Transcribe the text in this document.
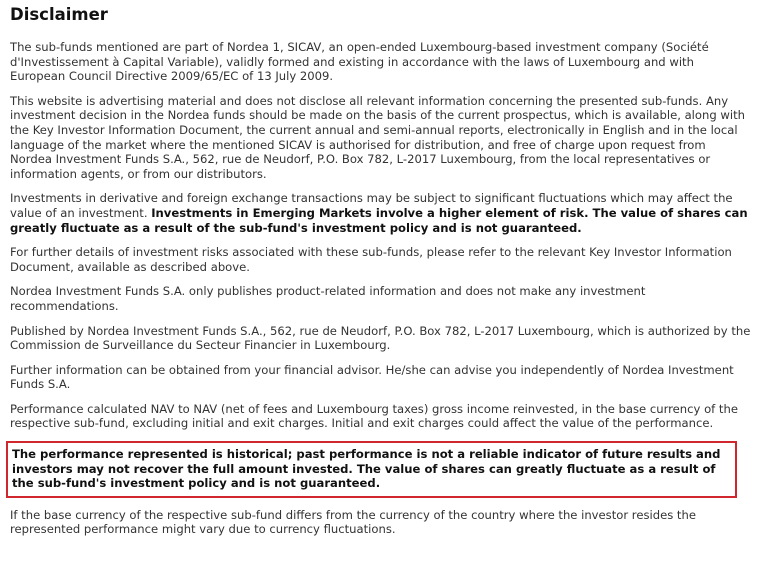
Disclaimer

The sub-funds mentioned are part of Nordea 1, SICAV, an open-ended Luxembourg-based investment company (Société d'Investissement à Capital Variable), validly formed and existing in accordance with the laws of Luxembourg and with European Council Directive 2009/65/EC of 13 July 2009.

This website is advertising material and does not disclose all relevant information concerning the presented sub-funds. Any investment decision in the Nordea funds should be made on the basis of the current prospectus, which is available, along with the Key Investor Information Document, the current annual and semi-annual reports, electronically in English and in the local language of the market where the mentioned SICAV is authorised for distribution, and free of charge upon request from Nordea Investment Funds S.A., 562, rue de Neudorf, P.O. Box 782, L-2017 Luxembourg, from the local representatives or information agents, or from our distributors.

Investments in derivative and foreign exchange transactions may be subject to significant fluctuations which may affect the value of an investment. Investments in Emerging Markets involve a higher element of risk. The value of shares can greatly fluctuate as a result of the sub-fund's investment policy and is not guaranteed.

For further details of investment risks associated with these sub-funds, please refer to the relevant Key Investor Information Document, available as described above.

Nordea Investment Funds S.A. only publishes product-related information and does not make any investment recommendations.

Published by Nordea Investment Funds S.A., 562, rue de Neudorf, P.O. Box 782, L-2017 Luxembourg, which is authorized by the Commission de Surveillance du Secteur Financier in Luxembourg.

Further information can be obtained from your financial advisor. He/she can advise you independently of Nordea Investment Funds S.A.

Performance calculated NAV to NAV (net of fees and Luxembourg taxes) gross income reinvested, in the base currency of the respective sub-fund, excluding initial and exit charges. Initial and exit charges could affect the value of the performance.

The performance represented is historical; past performance is not a reliable indicator of future results and investors may not recover the full amount invested. The value of shares can greatly fluctuate as a result of the sub-fund's investment policy and is not guaranteed.

If the base currency of the respective sub-fund differs from the currency of the country where the investor resides the represented performance might vary due to currency fluctuations.
